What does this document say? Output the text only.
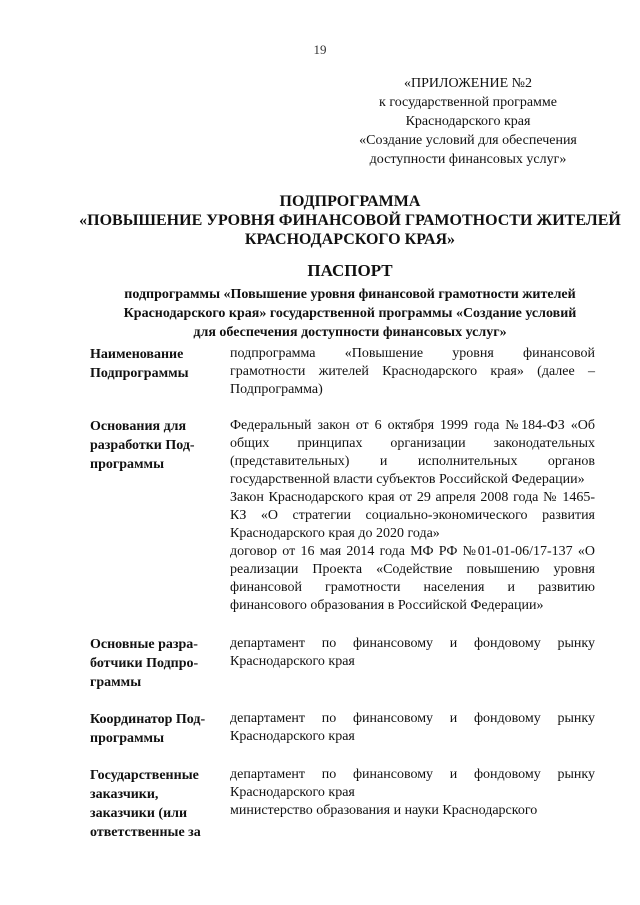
19
«ПРИЛОЖЕНИЕ №2
к государственной программе
Краснодарского края
«Создание условий для обеспечения
доступности финансовых услуг»
ПОДПРОГРАММА
«ПОВЫШЕНИЕ УРОВНЯ ФИНАНСОВОЙ ГРАМОТНОСТИ ЖИТЕЛЕЙ
КРАСНОДАРСКОГО КРАЯ»
ПАСПОРТ
подпрограммы «Повышение уровня финансовой грамотности жителей
Краснодарского края» государственной программы «Создание условий
для обеспечения доступности финансовых услуг»
Наименование
Подпрограммы

подпрограмма «Повышение уровня финансовой грамотности жителей Краснодарского края» (далее – Подпрограмма)

Основания для
разработки Под-
программы

Федеральный закон от 6 октября 1999 года №184-ФЗ «Об общих принципах организации законодательных (представительных) и исполнительных органов государственной власти субъектов Российской Федерации»

Закон Краснодарского края от 29 апреля 2008 года № 1465-КЗ «О стратегии социально-экономического развития Краснодарского края до 2020 года»

договор от 16 мая 2014 года МФ РФ №01-01-06/17-137 «О реализации Проекта «Содействие повышению уровня финансовой грамотности населения и развитию финансового образования в Российской Федерации»

Основные разра-
ботчики Подпро-
граммы

департамент по финансовому и фондовому рынку Краснодарского края

Координатор Под-
программы

департамент по финансовому и фондовому рынку Краснодарского края

Государственные
заказчики,
заказчики (или
ответственные за

департамент по финансовому и фондовому рынку Краснодарского края

министерство образования и науки Краснодарского
